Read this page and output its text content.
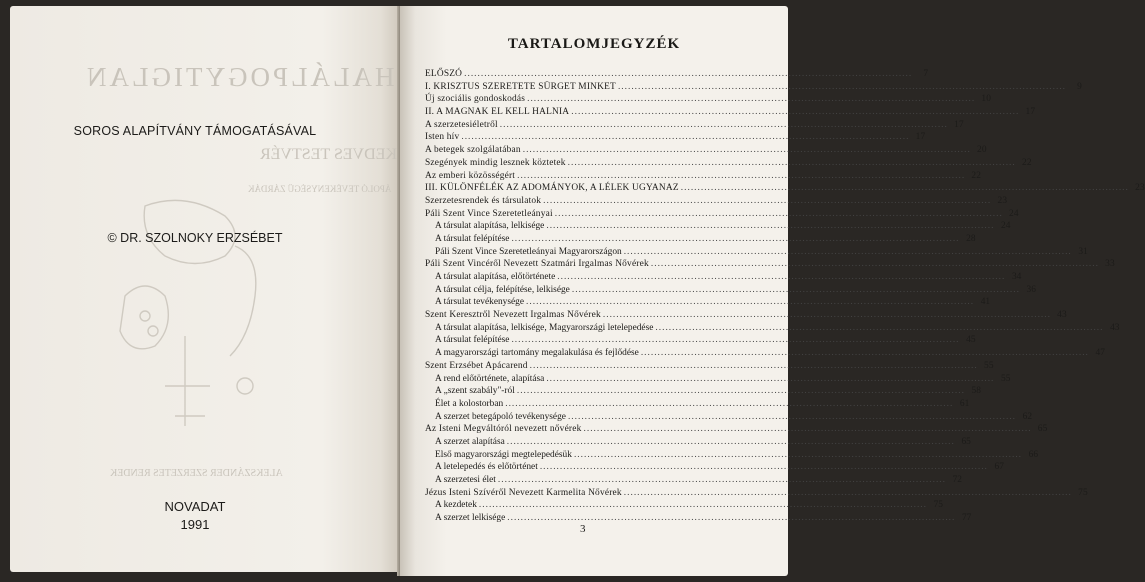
HALÁLPOGYTIGLAN
KEDVES TESTVÉR
ÁPOLÓ TEVÉKENYSÉGŰ ZÁRDÁK
ALEKSZÁNDER SZERZETES RENDEK
SOROS ALAPÍTVÁNY TÁMOGATÁSÁVAL
© DR. SZOLNOKY ERZSÉBET
NOVADAT
1991
TARTALOMJEGYZÉK
ELŐSZÓ .....	7
I. KRISZTUS SZERETETE SÜRGET MINKET .....	9
Új szociális gondoskodás .....	10
II. A MAGNAK EL KELL HALNIA .....	17
A szerzetesiéletről .....	17
Isten hív .....	17
A betegek szolgálatában .....	20
Szegények mindig lesznek köztetek .....	22
Az emberi közösségért .....	22
III. KÜLÖNFÉLÉK AZ ADOMÁNYOK, A LÉLEK UGYANAZ .....	23
Szerzetesrendek és társulatok .....	23
Páli Szent Vince Szeretetleányai .....	24
A társulat alapítása, lelkisége .....	24
A társulat felépítése .....	28
Páli Szent Vince Szeretetleányai Magyarországon .....	31
Páli Szent Vincéről Nevezett Szatmári Irgalmas Nővérek .....	33
A társulat alapítása, előtörténete .....	34
A társulat célja, felépítése, lelkisége .....	36
A társulat tevékenysége .....	41
Szent Keresztről Nevezett Irgalmas Nővérek .....	43
A társulat alapítása, lelkisége, Magyarországi letelepedése .....	43
A társulat felépítése .....	45
A magyarországi tartomány megalakulása és fejlődése .....	47
Szent Erzsébet Apácarend .....	55
A rend előtörténete, alapítása .....	55
A „szent szabály"-ról .....	58
Élet a kolostorban .....	61
A szerzet betegápoló tevékenysége .....	62
Az Isteni Megváltóról nevezett nővérek .....	65
A szerzet alapítása .....	65
Első magyarországi megtelepedésük .....	66
A letelepedés és előtörténet .....	67
A szerzetesi élet .....	72
Jézus Isteni Szívéről Nevezett Karmelita Nővérek .....	75
A kezdetek .....	75
A szerzet lelkisége .....	77
3
